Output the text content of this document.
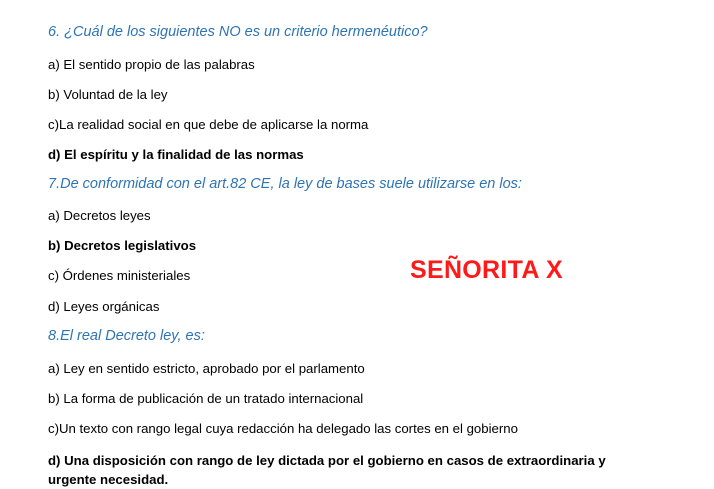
6. ¿Cuál de los siguientes NO es un criterio hermenéutico?
a) El sentido propio de las palabras
b) Voluntad de la ley
c)La realidad social en que debe de aplicarse la norma
d) El espíritu y la finalidad de las normas
7.De conformidad con el art.82 CE, la ley de bases suele utilizarse en los:
a) Decretos leyes
b) Decretos legislativos
c) Órdenes ministeriales
d) Leyes orgánicas
8.El real Decreto ley, es:
a) Ley en sentido estricto, aprobado por el parlamento
b) La forma de publicación de un tratado internacional
c)Un texto con rango legal cuya redacción ha delegado las cortes en el gobierno
d) Una disposición con rango de ley dictada por el gobierno en casos de extraordinaria y urgente necesidad.
SEÑORITA X
